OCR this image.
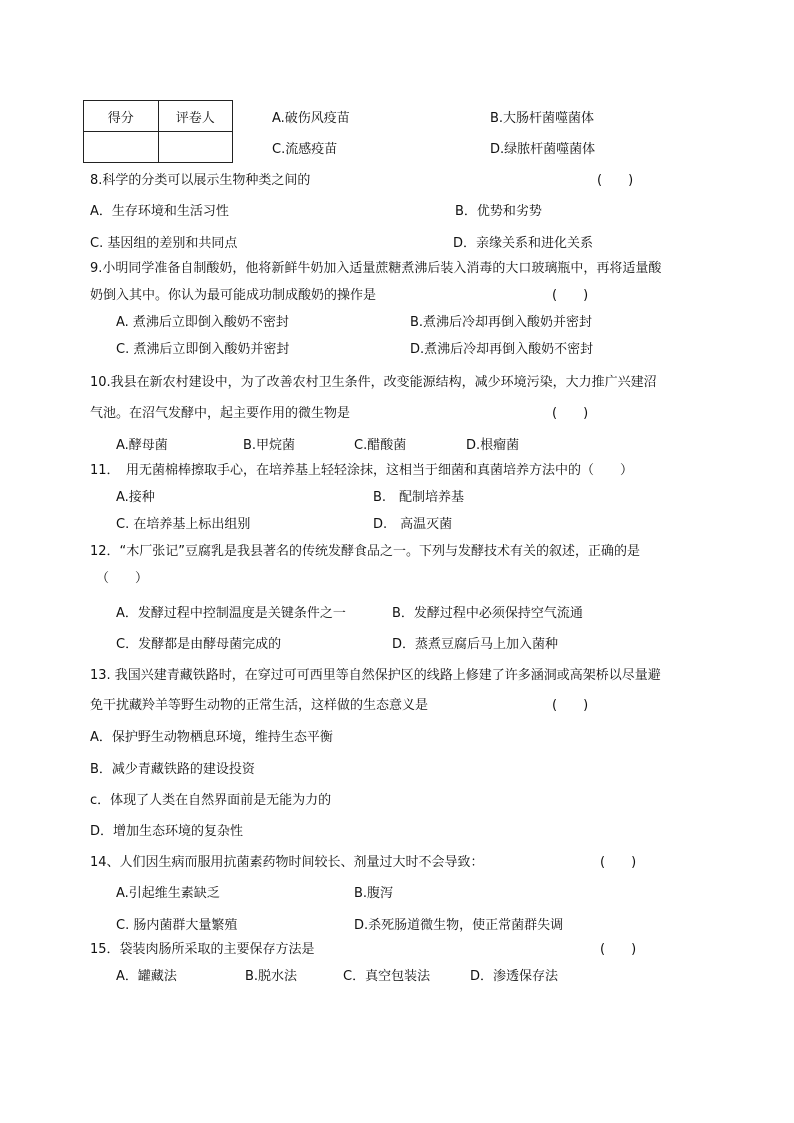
得分	评卷人
		A.破伤风疫苗	B.大肠杆菌噬菌体
C.流感疫苗	D.绿脓杆菌噬菌体
8.科学的分类可以展示生物种类之间的	(　　)
A．生存环境和生活习性	B．优势和劣势
C. 基因组的差别和共同点	D．亲缘关系和进化关系
9.小明同学准备自制酸奶，他将新鲜牛奶加入适量蔗糖煮沸后装入消毒的大口玻璃瓶中，再将适量酸
奶倒入其中。你认为最可能成功制成酸奶的操作是	(　　)
A. 煮沸后立即倒入酸奶不密封	B.煮沸后冷却再倒入酸奶并密封
C. 煮沸后立即倒入酸奶并密封	D.煮沸后冷却再倒入酸奶不密封
10.我县在新农村建设中，为了改善农村卫生条件，改变能源结构，减少环境污染，大力推广兴建沼
气池。在沼气发酵中，起主要作用的微生物是	(　　)
A.酵母菌	B.甲烷菌	C.醋酸菌	D.根瘤菌
11．　用无菌棉棒擦取手心，在培养基上轻轻涂抹，这相当于细菌和真菌培养方法中的（　　）
A.接种	B.　配制培养基
C. 在培养基上标出组别	D.　高温灭菌
12．“木厂张记”豆腐乳是我县著名的传统发酵食品之一。下列与发酵技术有关的叙述，正确的是
（　　）
A．发酵过程中控制温度是关键条件之一	B．发酵过程中必须保持空气流通
C．发酵都是由酵母菌完成的	D．蒸煮豆腐后马上加入菌种
13. 我国兴建青藏铁路时，在穿过可可西里等自然保护区的线路上修建了许多涵洞或高架桥以尽量避
免干扰藏羚羊等野生动物的正常生活，这样做的生态意义是	(　　)
A．保护野生动物栖息环境，维持生态平衡
B．减少青藏铁路的建设投资
c．体现了人类在自然界面前是无能为力的
D．增加生态环境的复杂性
14、人们因生病而服用抗菌素药物时间较长、剂量过大时不会导致：	(　　)
A.引起维生素缺乏	B.腹泻
C. 肠内菌群大量繁殖	D.杀死肠道微生物，使正常菌群失调
15．袋装肉肠所采取的主要保存方法是	(　　)
A．罐藏法	B.脱水法	C．真空包装法	D．渗透保存法
